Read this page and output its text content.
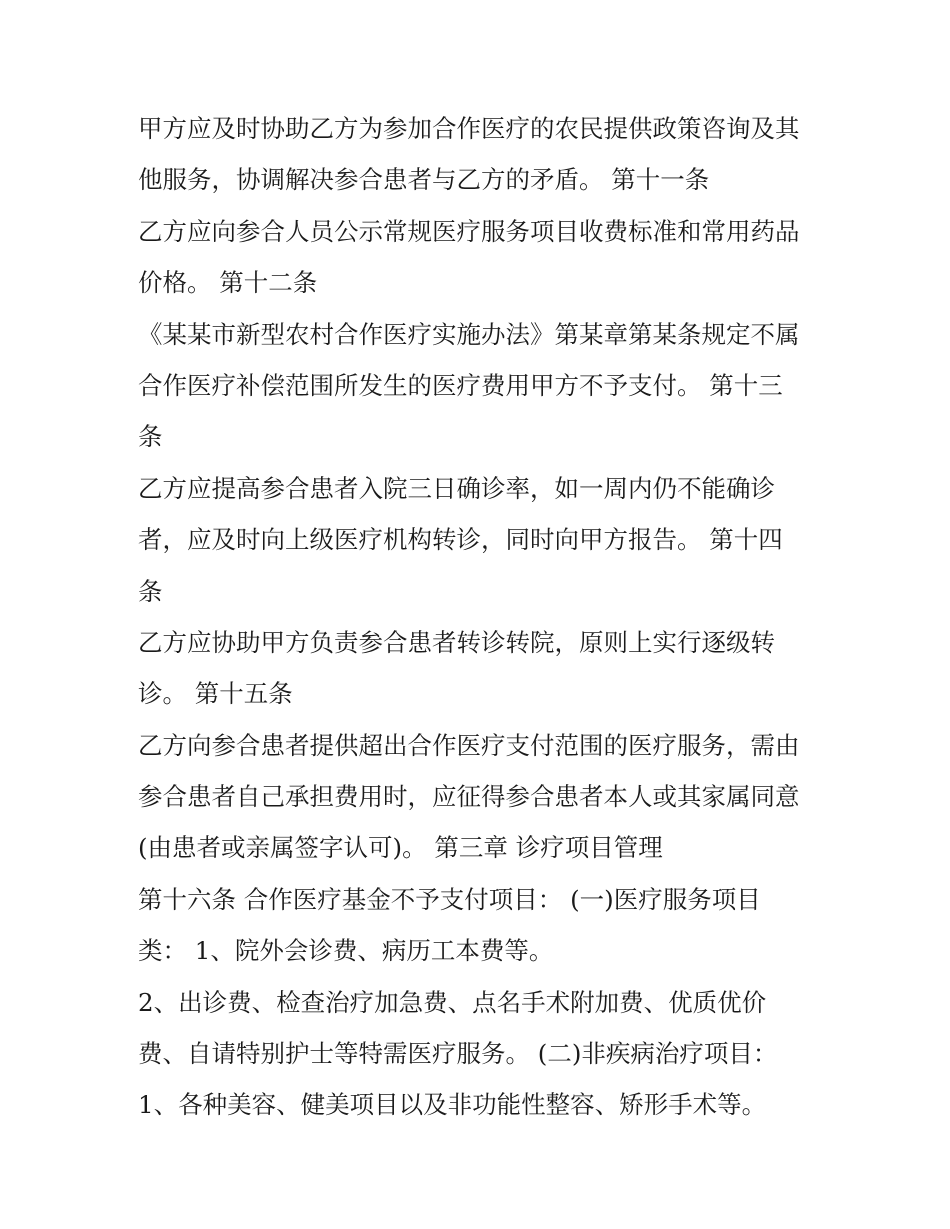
甲方应及时协助乙方为参加合作医疗的农民提供政策咨询及其
他服务，协调解决参合患者与乙方的矛盾。 第十一条
乙方应向参合人员公示常规医疗服务项目收费标准和常用药品
价格。 第十二条
《某某市新型农村合作医疗实施办法》第某章第某条规定不属
合作医疗补偿范围所发生的医疗费用甲方不予支付。 第十三
条
乙方应提高参合患者入院三日确诊率，如一周内仍不能确诊
者，应及时向上级医疗机构转诊，同时向甲方报告。 第十四
条
乙方应协助甲方负责参合患者转诊转院，原则上实行逐级转
诊。 第十五条
乙方向参合患者提供超出合作医疗支付范围的医疗服务，需由
参合患者自己承担费用时，应征得参合患者本人或其家属同意
(由患者或亲属签字认可)。 第三章 诊疗项目管理
第十六条 合作医疗基金不予支付项目： (一)医疗服务项目
类： 1、院外会诊费、病历工本费等。
2、出诊费、检查治疗加急费、点名手术附加费、优质优价
费、自请特别护士等特需医疗服务。 (二)非疾病治疗项目：
1、各种美容、健美项目以及非功能性整容、矫形手术等。
